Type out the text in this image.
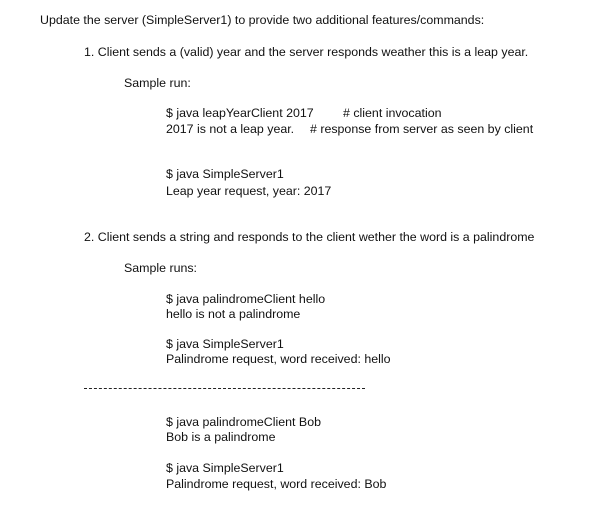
Update the server (SimpleServer1) to provide two additional features/commands:
1. Client sends a (valid) year and the server responds weather this is a leap year.
Sample run:
$ java leapYearClient 2017 # client invocation
2017 is not a leap year. # response from server as seen by client
$ java SimpleServer1
Leap year request, year: 2017
2. Client sends a string and responds to the client wether the word is a palindrome
Sample runs:
$ java palindromeClient hello
hello is not a palindrome
$ java SimpleServer1
Palindrome request, word received: hello
$ java palindromeClient Bob
Bob is a palindrome
$ java SimpleServer1
Palindrome request, word received: Bob
